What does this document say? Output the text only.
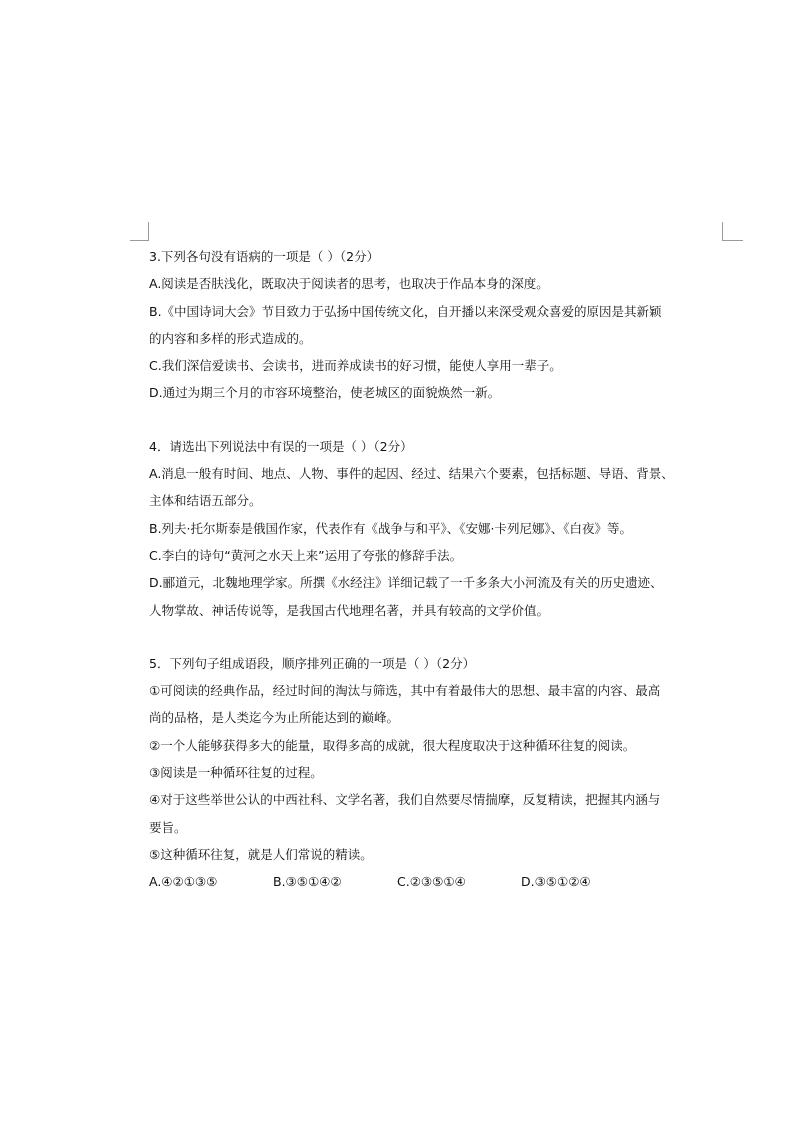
3.下列各句没有语病的一项是（ ）（2分）
A.阅读是否肤浅化，既取决于阅读者的思考，也取决于作品本身的深度。
B.《中国诗词大会》节目致力于弘扬中国传统文化，自开播以来深受观众喜爱的原因是其新颖
的内容和多样的形式造成的。
C.我们深信爱读书、会读书，进而养成读书的好习惯，能使人享用一辈子。
D.通过为期三个月的市容环境整治，使老城区的面貌焕然一新。
4．请选出下列说法中有误的一项是（ ）（2分）
A.消息一般有时间、地点、人物、事件的起因、经过、结果六个要素，包括标题、导语、背景、
主体和结语五部分。
B.列夫·托尔斯泰是俄国作家，代表作有《战争与和平》、《安娜·卡列尼娜》、《白夜》等。
C.李白的诗句“黄河之水天上来”运用了夸张的修辞手法。
D.郦道元，北魏地理学家。所撰《水经注》详细记载了一千多条大小河流及有关的历史遗迹、
人物掌故、神话传说等，是我国古代地理名著，并具有较高的文学价值。
5．下列句子组成语段，顺序排列正确的一项是（ ）（2分）
①可阅读的经典作品，经过时间的淘汰与筛选，其中有着最伟大的思想、最丰富的内容、最高
尚的品格，是人类迄今为止所能达到的巅峰。
②一个人能够获得多大的能量，取得多高的成就，很大程度取决于这种循环往复的阅读。
③阅读是一种循环往复的过程。
④对于这些举世公认的中西社科、文学名著，我们自然要尽情揣摩，反复精读，把握其内涵与
要旨。
⑤这种循环往复，就是人们常说的精读。
A.④②①③⑤	B.③⑤①④②	C.②③⑤①④	D.③⑤①②④
